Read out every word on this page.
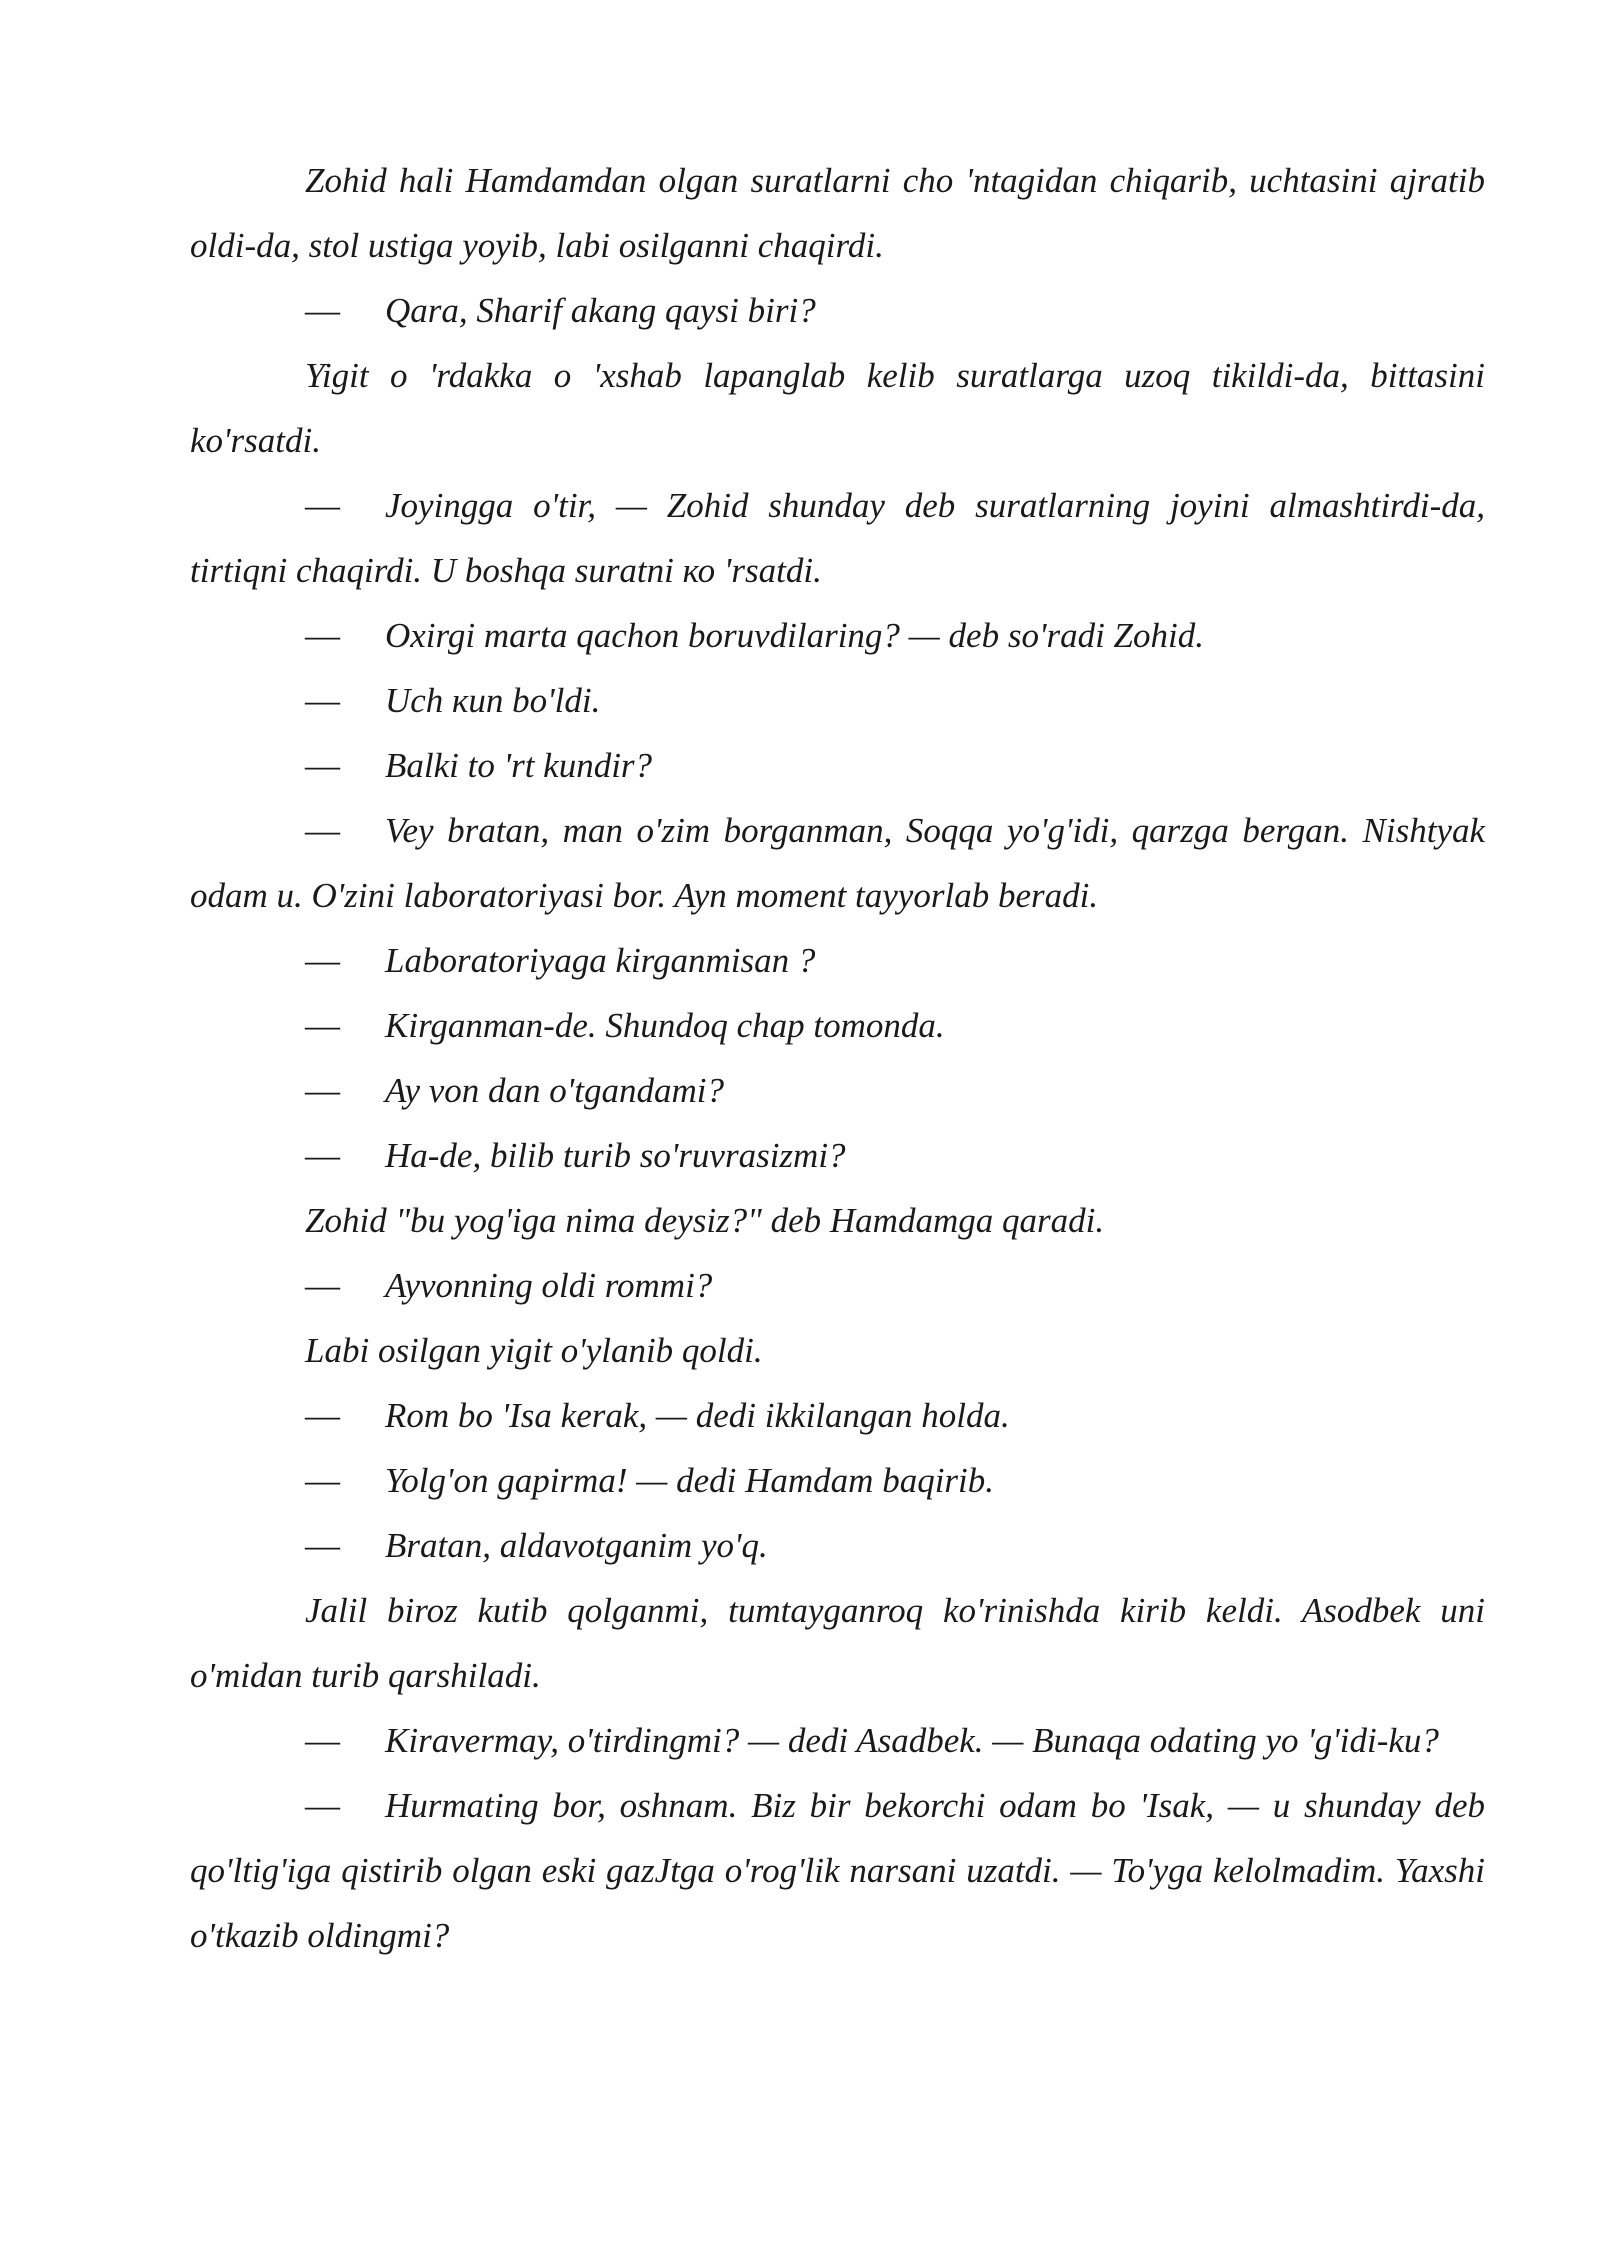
Zohid hali Hamdamdan olgan suratlarni cho 'ntagidan chiqarib, uchtasini ajratib oldi-da, stol ustiga yoyib, labi osilganni chaqirdi.

— Qara, Sharif akang qaysi biri?

Yigit o 'rdakka o 'xshab lapanglab kelib suratlarga uzoq tikildi-da, bittasini ko'rsatdi.

— Joyingga o'tir, — Zohid shunday deb suratlarning joyini almashtirdi-da, tirtiqni chaqirdi. U boshqa suratni ко 'rsatdi.

— Oxirgi marta qachon boruvdilaring? — deb so'radi Zohid.

— Uch кun bo'ldi.

— Balki to 'rt kundir?

— Vey bratan, man o'zim borganman, Soqqa yo'g'idi, qarzga bergan. Nishtyak odam u. O'zini laboratoriyasi bor. Ayn moment tayyorlab beradi.

— Laboratoriyaga kirganmisan ?

— Kirganman-de. Shundoq chap tomonda.

— Ay von dan o'tgandami?

— Ha-de, bilib turib so'ruvrasizmi?

Zohid "bu yog'iga nima deysiz?" deb Hamdamga qaradi.

— Ayvonning oldi rommi?

Labi osilgan yigit o'ylanib qoldi.

— Rom bo 'Isa kerak, — dedi ikkilangan holda.

— Yolg'on gapirma! — dedi Hamdam baqirib.

— Bratan, aldavotganim yo'q.

Jalil biroz kutib qolganmi, tumtayganroq ko'rinishda kirib keldi. Asodbek uni o'midan turib qarshiladi.

— Kiravermay, o'tirdingmi? — dedi Asadbek. — Bunaqa odating yo 'g'idi-ku?

— Hurmating bor, oshnam. Biz bir bekorchi odam bo 'Isak, — u shunday deb qo'ltig'iga qistirib olgan eski gazJtga o'rog'lik narsani uzatdi. — To'yga kelolmadim. Yaxshi o'tkazib oldingmi?
